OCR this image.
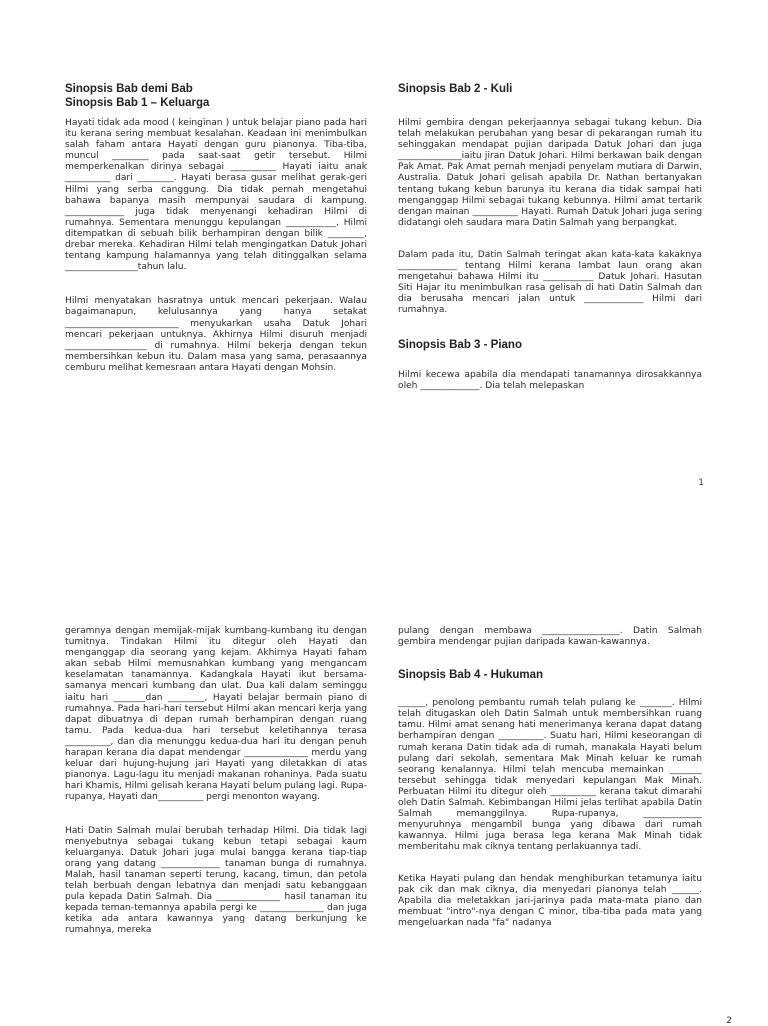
Sinopsis Bab demi Bab
Sinopsis Bab 1 – Keluarga

Hayati tidak ada mood ( keinginan ) untuk belajar piano pada hari itu kerana sering membuat kesalahan. Keadaan ini menimbulkan salah faham antara Hayati dengan guru pianonya. Tiba-tiba, muncul ________ pada saat-saat getir tersebut. Hilmi memperkenalkan dirinya sebagai __________ Hayati iaitu anak __________ dari ________. Hayati berasa gusar melihat gerak-geri Hilmi yang serba canggung. Dia tidak pernah mengetahui bahawa bapanya masih mempunyai saudara di kampung. _____________ juga tidak menyenangi kehadiran Hilmi di rumahnya. Sementara menunggu kepulangan ___________, Hilmi ditempatkan di sebuah bilik berhampiran dengan bilik ________, drebar mereka. Kehadiran Hilmi telah mengingatkan Datuk Johari tentang kampung halamannya yang telah ditinggalkan selama ________________tahun lalu.

Hilmi menyatakan hasratnya untuk mencari pekerjaan. Walau bagaimanapun, kelulusannya yang hanya setakat _________________________ menyukarkan usaha Datuk Johari mencari pekerjaan untuknya. Akhirnya Hilmi disuruh menjadi __________________ di rumahnya. Hilmi bekerja dengan tekun membersihkan kebun itu. Dalam masa yang sama, perasaannya cemburu melihat kemesraan antara Hayati dengan Mohsin.

Sinopsis Bab 2 - Kuli

Hilmi gembira dengan pekerjaannya sebagai tukang kebun. Dia telah melakukan perubahan yang besar di pekarangan rumah itu sehinggakan mendapat pujian daripada Datuk Johari dan juga ______________iaitu jiran Datuk Johari. Hilmi berkawan baik dengan Pak Amat. Pak Amat pernah menjadi penyelam mutiara di Darwin, Australia. Datuk Johari gelisah apabila Dr. Nathan bertanyakan tentang tukang kebun barunya itu kerana dia tidak sampai hati menganggap Hilmi sebagai tukang kebunnya. Hilmi amat tertarik dengan mainan __________ Hayati. Rumah Datuk Johari juga sering didatangi oleh saudara mara Datin Salmah yang berpangkat.

Dalam pada itu, Datin Salmah teringat akan kata-kata kakaknya _____________ tentang Hilmi kerana lambat laun orang akan mengetahui bahawa Hilmi itu ___________ Datuk Johari. Hasutan Siti Hajar itu menimbulkan rasa gelisah di hati Datin Salmah dan dia berusaha mencari jalan untuk _____________ Hilmi dari rumahnya.

Sinopsis Bab 3 - Piano

Hilmi kecewa apabila dia mendapati tanamannya dirosakkannya oleh _____________. Dia telah melepaskan

1

geramnya dengan memijak-mijak kumbang-kumbang itu dengan tumitnya. Tindakan Hilmi itu ditegur oleh Hayati dan menganggap dia seorang yang kejam. Akhirnya Hayati faham akan sebab Hilmi memusnahkan kumbang yang mengancam keselamatan tanamannya. Kadangkala Hayati ikut bersama-samanya mencari kumbang dan ulat. Dua kali dalam seminggu iaitu hari _______dan ________, Hayati belajar bermain piano di rumahnya. Pada hari-hari tersebut Hilmi akan mencari kerja yang dapat dibuatnya di depan rumah berhampiran dengan ruang tamu. Pada kedua-dua hari tersebut keletihannya terasa __________, dan dia menunggu kedua-dua hari itu dengan penuh harapan kerana dia dapat mendengar ______________ merdu yang keluar dari hujung-hujung jari Hayati yang diletakkan di atas pianonya. Lagu-lagu itu menjadi makanan rohaninya. Pada suatu hari Khamis, Hilmi gelisah kerana Hayati belum pulang lagi. Rupa-rupanya, Hayati dan__________ pergi menonton wayang.

Hati Datin Salmah mulai berubah terhadap Hilmi. Dia tidak lagi menyebutnya sebagai tukang kebun tetapi sebagai kaum keluarganya. Datuk Johari juga mulai bangga kerana tiap-tiap orang yang datang _____________ tanaman bunga di rumahnya. Malah, hasil tanaman seperti terung, kacang, timun, dan petola telah berbuah dengan lebatnya dan menjadi satu kebanggaan pula kepada Datin Salmah. Dia ______________ hasil tanaman itu kepada teman-temannya apabila pergi ke ______________ dan juga ketika ada antara kawannya yang datang berkunjung ke rumahnya, mereka

pulang dengan membawa _________________. Datin Salmah gembira mendengar pujian daripada kawan-kawannya.

Sinopsis Bab 4 - Hukuman

______, penolong pembantu rumah telah pulang ke _______. Hilmi telah ditugaskan oleh Datin Salmah untuk membersihkan ruang tamu. Hilmi amat senang hati menerimanya kerana dapat datang berhampiran dengan __________. Suatu hari, Hilmi keseorangan di rumah kerana Datin tidak ada di rumah, manakala Hayati belum pulang dari sekolah, sementara Mak Minah keluar ke rumah seorang kenalannya. Hilmi telah mencuba memainkan _______ tersebut sehingga tidak menyedari kepulangan Mak Minah. Perbuatan Hilmi itu ditegur oleh __________ kerana takut dimarahi oleh Datin Salmah. Kebimbangan Hilmi jelas terlihat apabila Datin Salmah memanggilnya. Rupa-rupanya, _____________ menyuruhnya mengambil bunga yang dibawa dari rumah kawannya. Hilmi juga berasa lega kerana Mak Minah tidak memberitahu mak ciknya tentang perlakuannya tadi.

Ketika Hayati pulang dan hendak menghiburkan tetamunya iaitu pak cik dan mak ciknya, dia menyedari pianonya telah ______. Apabila dia meletakkan jari-jarinya pada mata-mata piano dan membuat "intro"-nya dengan C minor, tiba-tiba pada mata yang mengeluarkan nada "fa" nadanya

2
